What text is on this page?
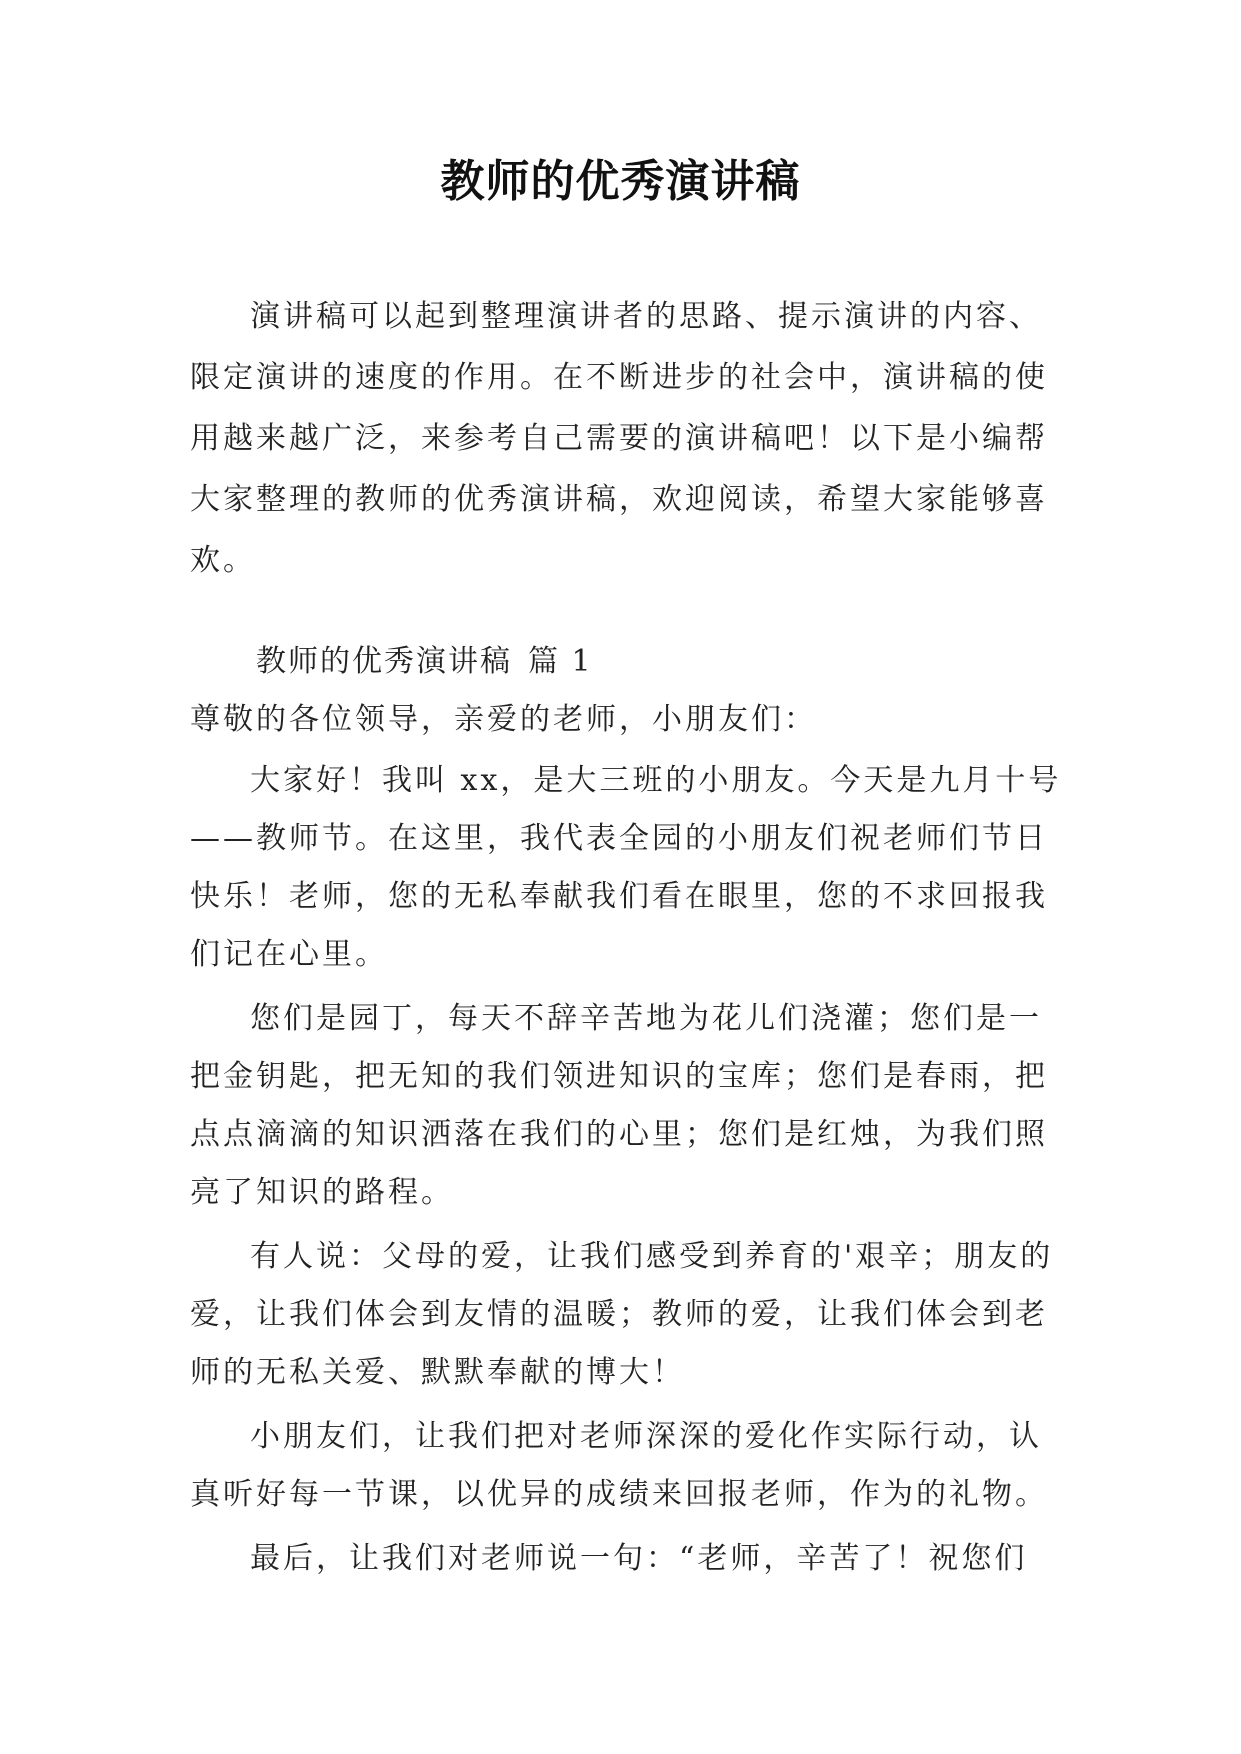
教师的优秀演讲稿

演讲稿可以起到整理演讲者的思路、提示演讲的内容、限定演讲的速度的作用。在不断进步的社会中，演讲稿的使用越来越广泛，来参考自己需要的演讲稿吧！以下是小编帮大家整理的教师的优秀演讲稿，欢迎阅读，希望大家能够喜欢。

教师的优秀演讲稿 篇 1

尊敬的各位领导，亲爱的老师，小朋友们：

大家好！我叫 xx，是大三班的小朋友。今天是九月十号——教师节。在这里，我代表全园的小朋友们祝老师们节日快乐！老师，您的无私奉献我们看在眼里，您的不求回报我们记在心里。

您们是园丁，每天不辞辛苦地为花儿们浇灌；您们是一把金钥匙，把无知的我们领进知识的宝库；您们是春雨，把点点滴滴的知识洒落在我们的心里；您们是红烛，为我们照亮了知识的路程。

有人说：父母的爱，让我们感受到养育的'艰辛；朋友的爱，让我们体会到友情的温暖；教师的爱，让我们体会到老师的无私关爱、默默奉献的博大！

小朋友们，让我们把对老师深深的爱化作实际行动，认真听好每一节课，以优异的成绩来回报老师，作为的礼物。

最后，让我们对老师说一句：“老师，辛苦了！祝您们
